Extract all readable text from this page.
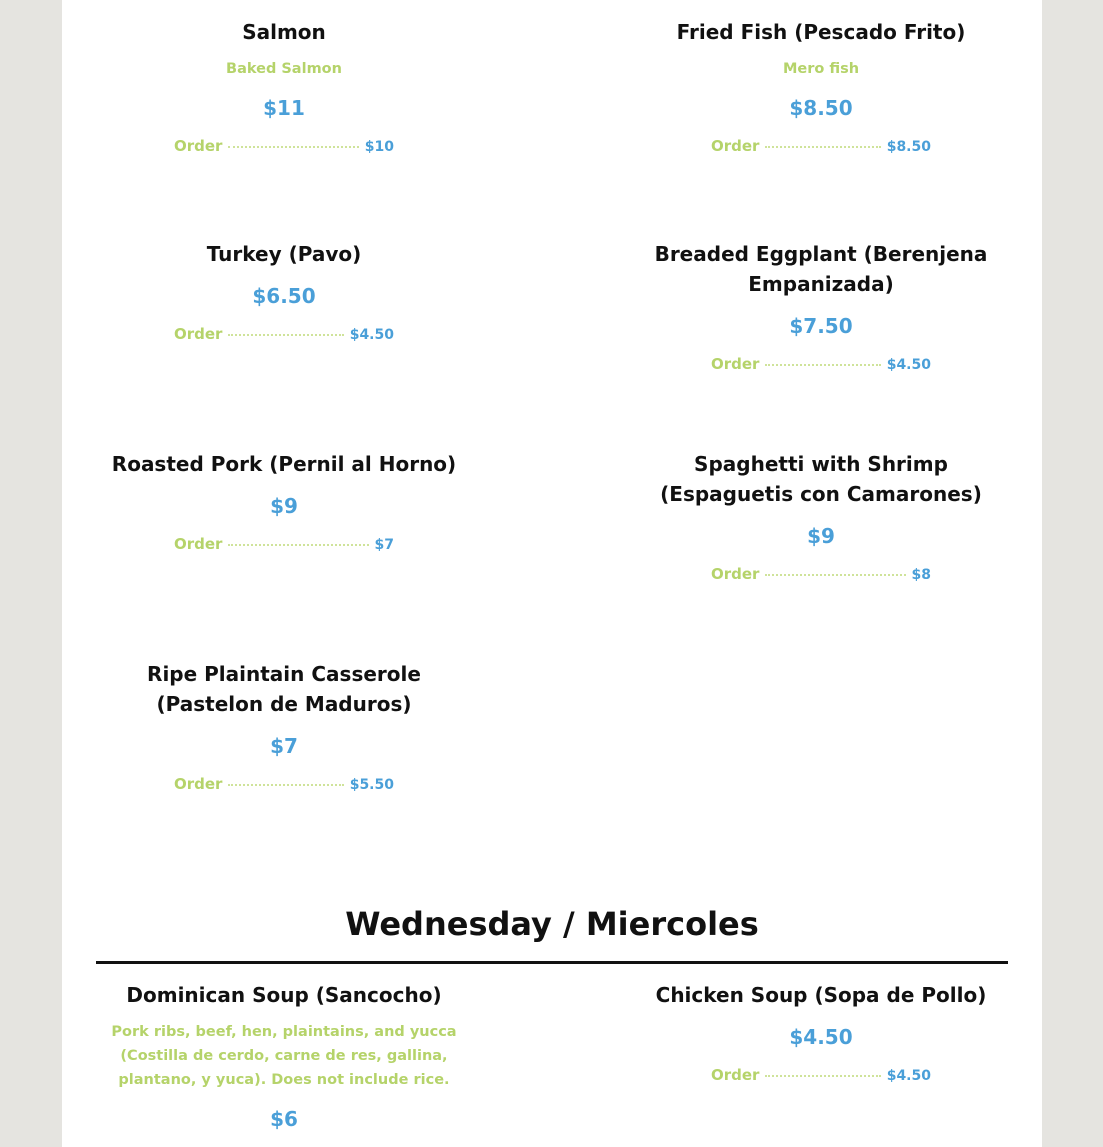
Salmon
Baked Salmon
$11
Order	$10
Fried Fish (Pescado Frito)
Mero fish
$8.50
Order	$8.50
Turkey (Pavo)
$6.50
Order	$4.50
Breaded Eggplant (Berenjena Empanizada)
$7.50
Order	$4.50
Roasted Pork (Pernil al Horno)
$9
Order	$7
Spaghetti with Shrimp (Espaguetis con Camarones)
$9
Order	$8
Ripe Plaintain Casserole (Pastelon de Maduros)
$7
Order	$5.50
Wednesday / Miercoles
Dominican Soup (Sancocho)
Pork ribs, beef, hen, plaintains, and yucca (Costilla de cerdo, carne de res, gallina, plantano, y yuca). Does not include rice.
$6
Chicken Soup (Sopa de Pollo)
$4.50
Order	$4.50
